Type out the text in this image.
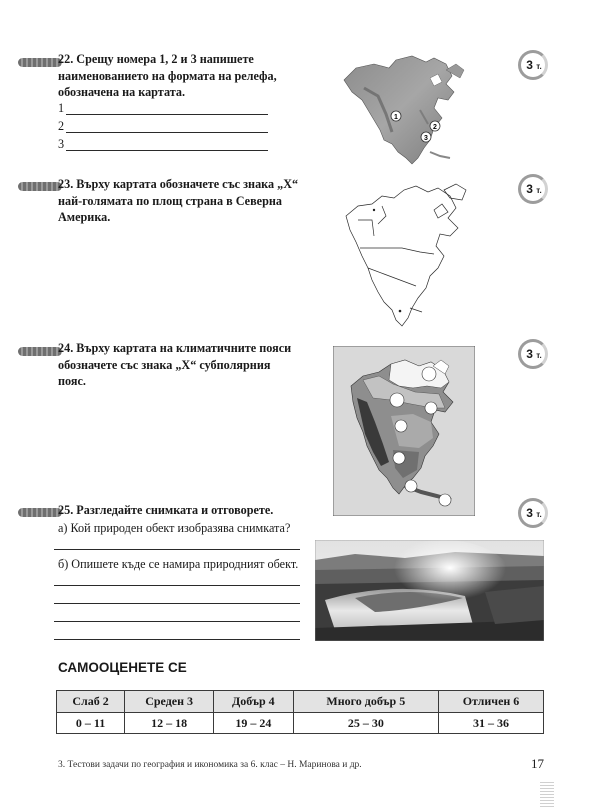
22. Срещу номера 1, 2 и 3 напишете наименованието на формата на релефа, обозначена на картата.
1
2
3
3 т.
1
2
3
23. Върху картата обозначете със знака „Х“ най-голямата по площ страна в Северна Америка.
3 т.
24. Върху картата на климатичните пояси обозначете със знака „Х“ субполярния пояс.
3 т.
25. Разгледайте снимката и отговорете.	3 т.
а) Кой природен обект изобразява снимката?
б) Опишете къде се намира природният обект.
САМООЦЕНЕТЕ СЕ
Слаб 2	Среден 3	Добър 4	Много добър 5	Отличен 6
0 – 11	12 – 18	19 – 24	25 – 30	31 – 36
3. Тестови задачи по география и икономика за 6. клас – Н. Маринова и др.	17
